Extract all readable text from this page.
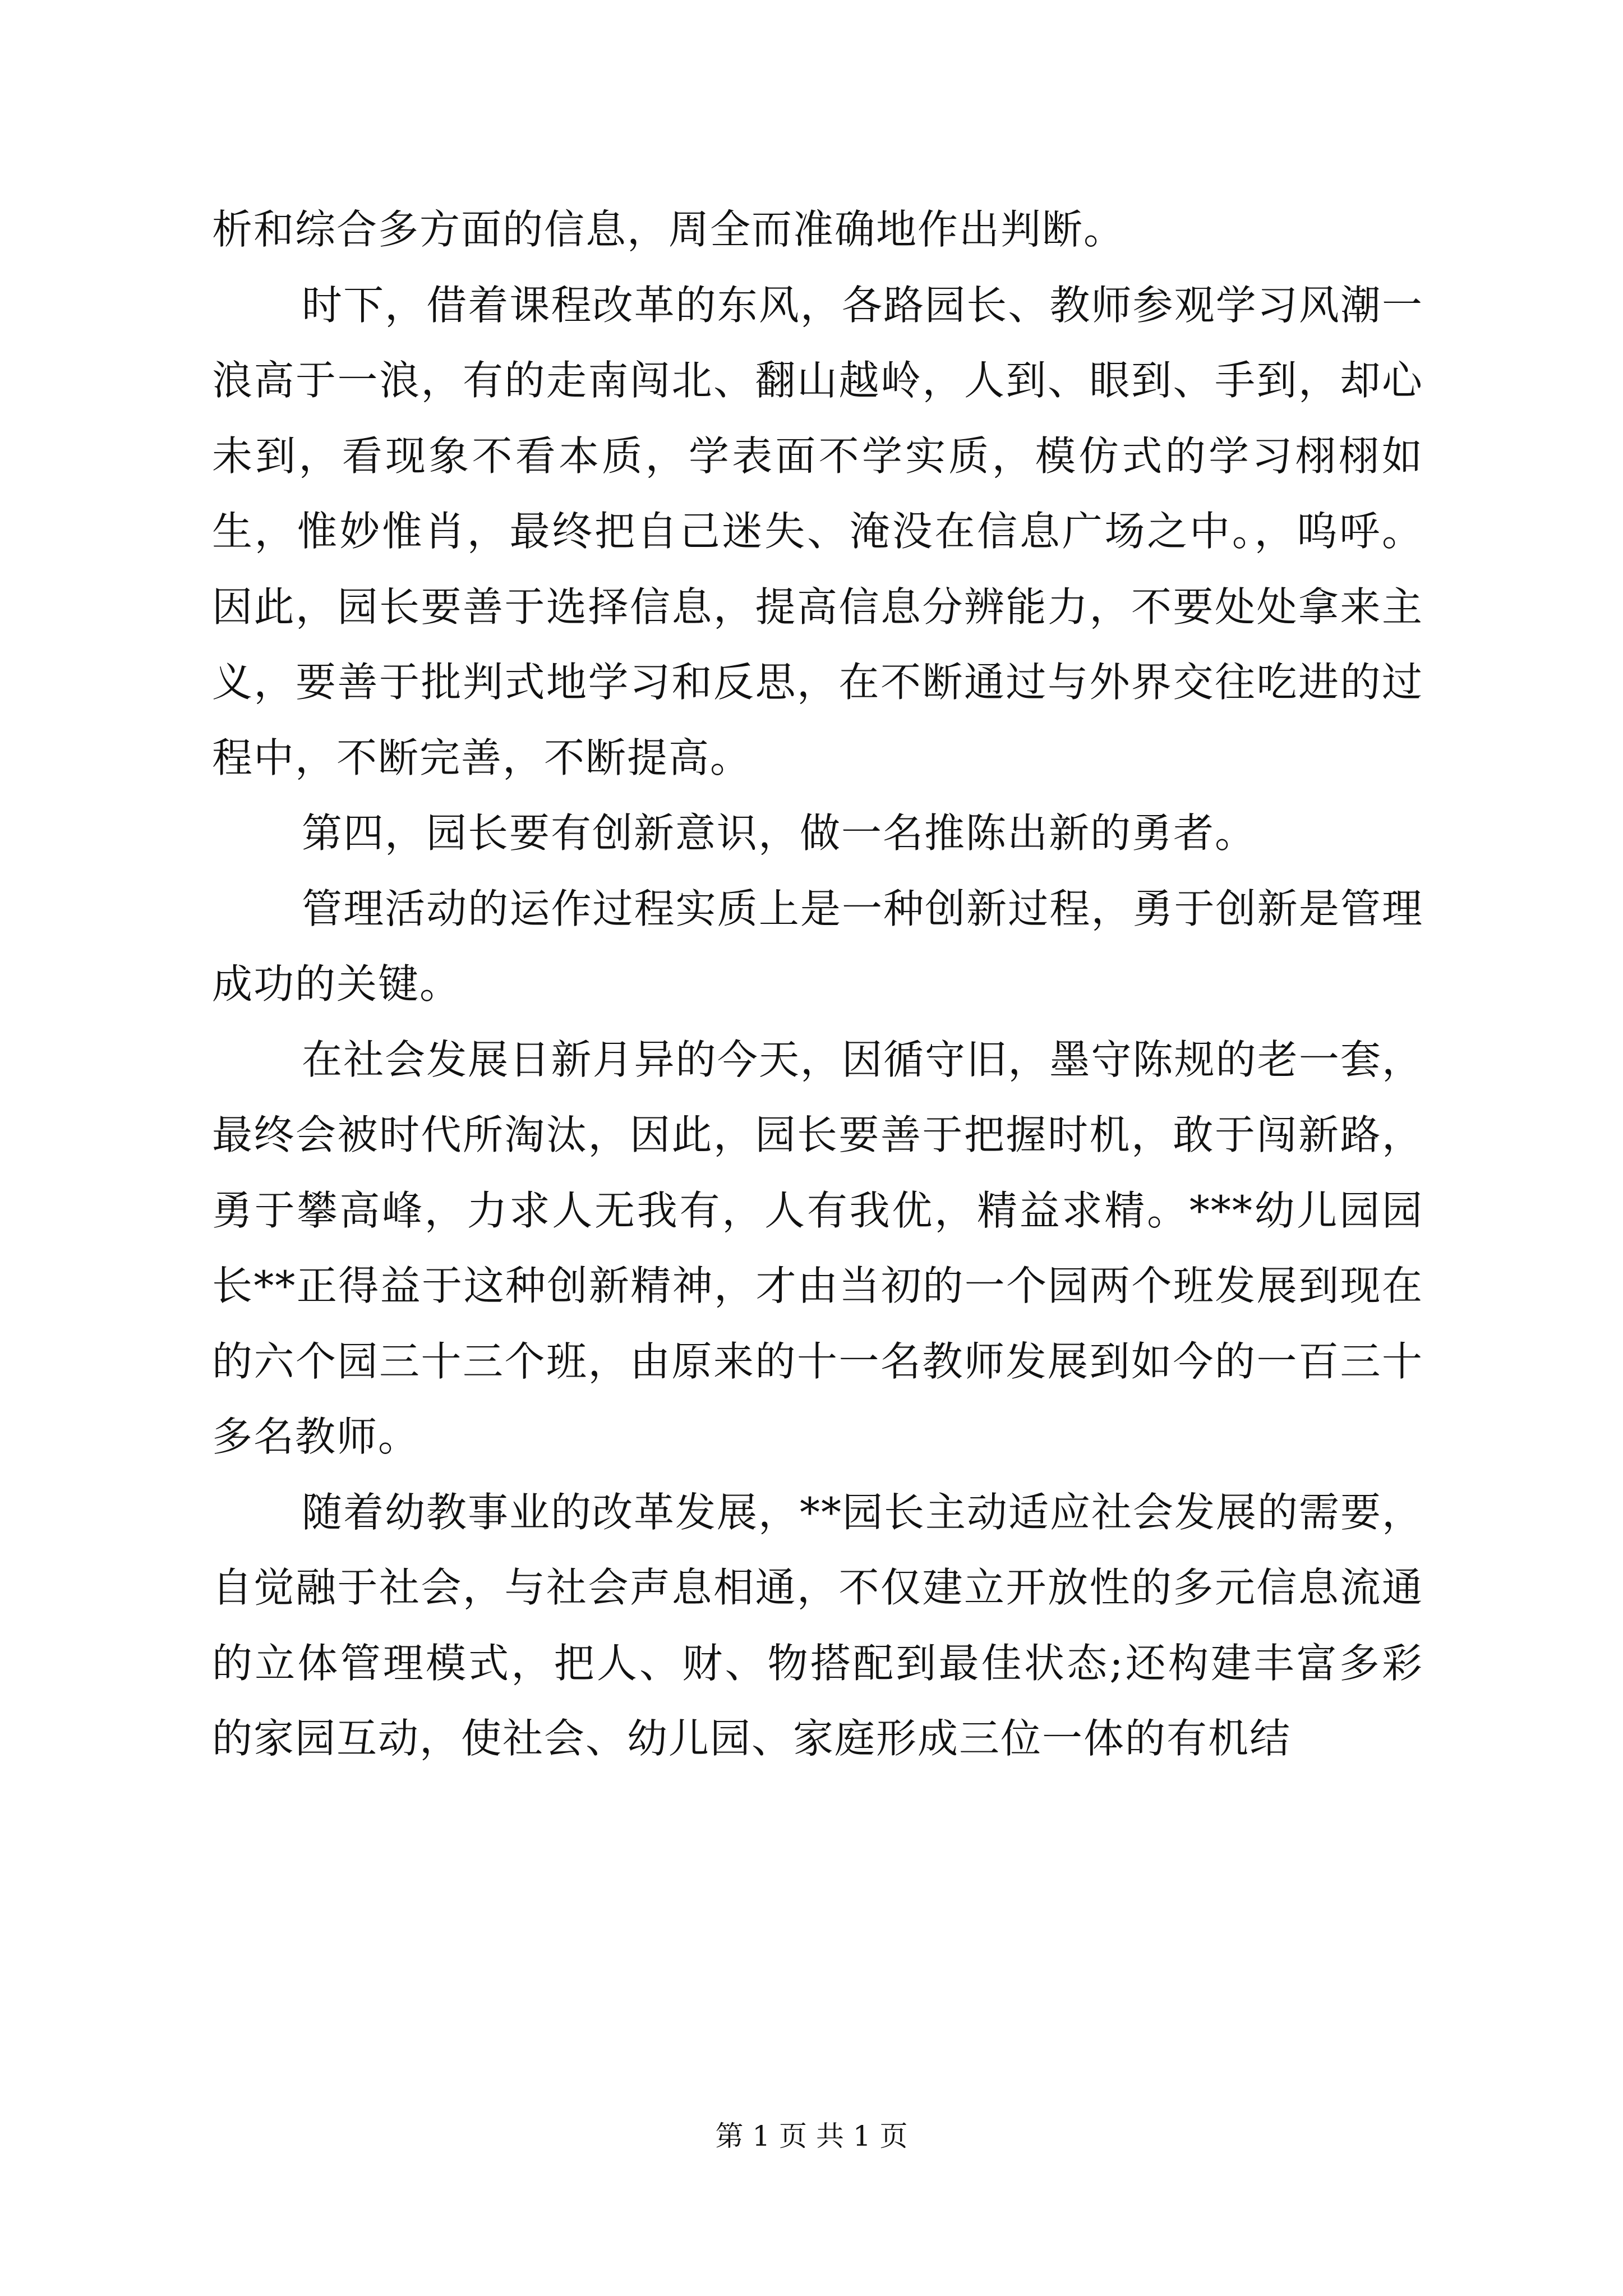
析和综合多方面的信息，周全而准确地作出判断。

时下，借着课程改革的东风，各路园长、教师参观学习风潮一浪高于一浪，有的走南闯北、翻山越岭，人到、眼到、手到，却心未到，看现象不看本质，学表面不学实质，模仿式的学习栩栩如生，惟妙惟肖，最终把自己迷失、淹没在信息广场之中。，呜呼。因此，园长要善于选择信息，提高信息分辨能力，不要处处拿来主义，要善于批判式地学习和反思，在不断通过与外界交往吃进的过程中，不断完善，不断提高。

第四，园长要有创新意识，做一名推陈出新的勇者。

管理活动的运作过程实质上是一种创新过程，勇于创新是管理成功的关键。

在社会发展日新月异的今天，因循守旧，墨守陈规的老一套，最终会被时代所淘汰，因此，园长要善于把握时机，敢于闯新路，勇于攀高峰，力求人无我有，人有我优，精益求精。***幼儿园园长**正得益于这种创新精神，才由当初的一个园两个班发展到现在的六个园三十三个班，由原来的十一名教师发展到如今的一百三十多名教师。

随着幼教事业的改革发展，**园长主动适应社会发展的需要，自觉融于社会，与社会声息相通，不仅建立开放性的多元信息流通的立体管理模式，把人、财、物搭配到最佳状态;还构建丰富多彩的家园互动，使社会、幼儿园、家庭形成三位一体的有机结

第 1 页 共 1 页
